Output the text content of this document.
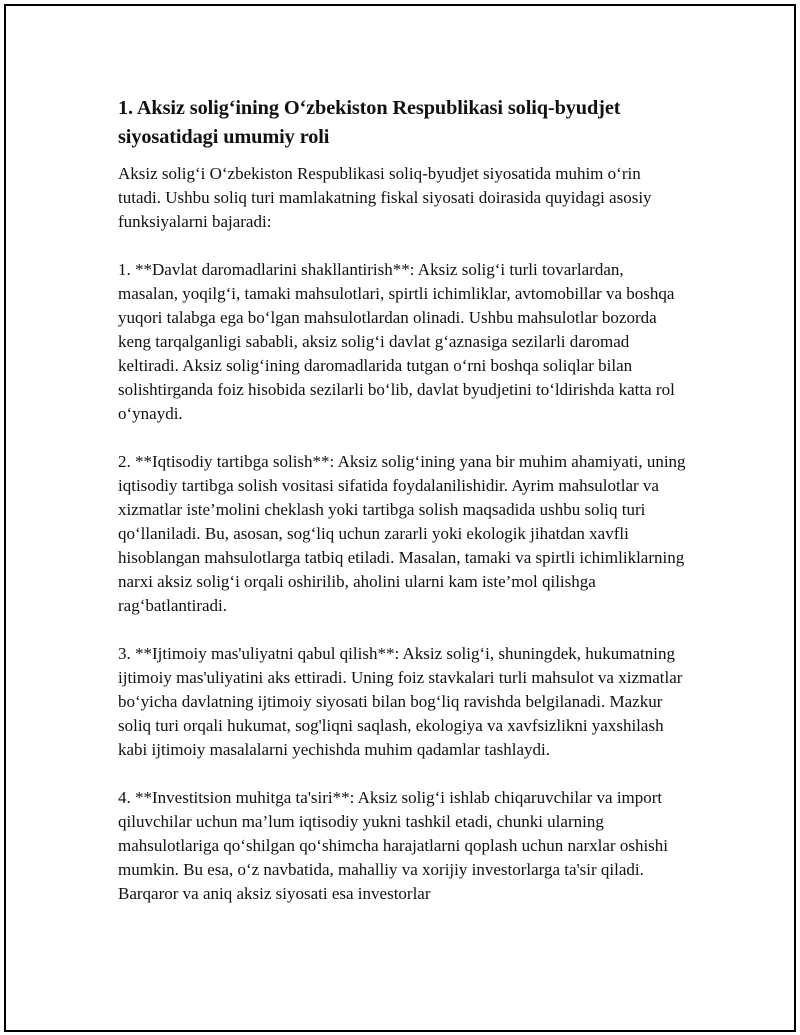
1. Aksiz solig‘ining O‘zbekiston Respublikasi soliq-byudjet siyosatidagi umumiy roli

Aksiz solig‘i O‘zbekiston Respublikasi soliq-byudjet siyosatida muhim o‘rin tutadi. Ushbu soliq turi mamlakatning fiskal siyosati doirasida quyidagi asosiy funksiyalarni bajaradi:

1. **Davlat daromadlarini shakllantirish**: Aksiz solig‘i turli tovarlardan, masalan, yoqilg‘i, tamaki mahsulotlari, spirtli ichimliklar, avtomobillar va boshqa yuqori talabga ega bo‘lgan mahsulotlardan olinadi. Ushbu mahsulotlar bozorda keng tarqalganligi sababli, aksiz solig‘i davlat g‘aznasiga sezilarli daromad keltiradi. Aksiz solig‘ining daromadlarida tutgan o‘rni boshqa soliqlar bilan solishtirganda foiz hisobida sezilarli bo‘lib, davlat byudjetini to‘ldirishda katta rol o‘ynaydi.

2. **Iqtisodiy tartibga solish**: Aksiz solig‘ining yana bir muhim ahamiyati, uning iqtisodiy tartibga solish vositasi sifatida foydalanilishidir. Ayrim mahsulotlar va xizmatlar iste’molini cheklash yoki tartibga solish maqsadida ushbu soliq turi qo‘llaniladi. Bu, asosan, sog‘liq uchun zararli yoki ekologik jihatdan xavfli hisoblangan mahsulotlarga tatbiq etiladi. Masalan, tamaki va spirtli ichimliklarning narxi aksiz solig‘i orqali oshirilib, aholini ularni kam iste’mol qilishga rag‘batlantiradi.

3. **Ijtimoiy mas'uliyatni qabul qilish**: Aksiz solig‘i, shuningdek, hukumatning ijtimoiy mas'uliyatini aks ettiradi. Uning foiz stavkalari turli mahsulot va xizmatlar bo‘yicha davlatning ijtimoiy siyosati bilan bog‘liq ravishda belgilanadi. Mazkur soliq turi orqali hukumat, sog'liqni saqlash, ekologiya va xavfsizlikni yaxshilash kabi ijtimoiy masalalarni yechishda muhim qadamlar tashlaydi.

4. **Investitsion muhitga ta'siri**: Aksiz solig‘i ishlab chiqaruvchilar va import qiluvchilar uchun ma’lum iqtisodiy yukni tashkil etadi, chunki ularning mahsulotlariga qo‘shilgan qo‘shimcha harajatlarni qoplash uchun narxlar oshishi mumkin. Bu esa, o‘z navbatida, mahalliy va xorijiy investorlarga ta'sir qiladi. Barqaror va aniq aksiz siyosati esa investorlar
